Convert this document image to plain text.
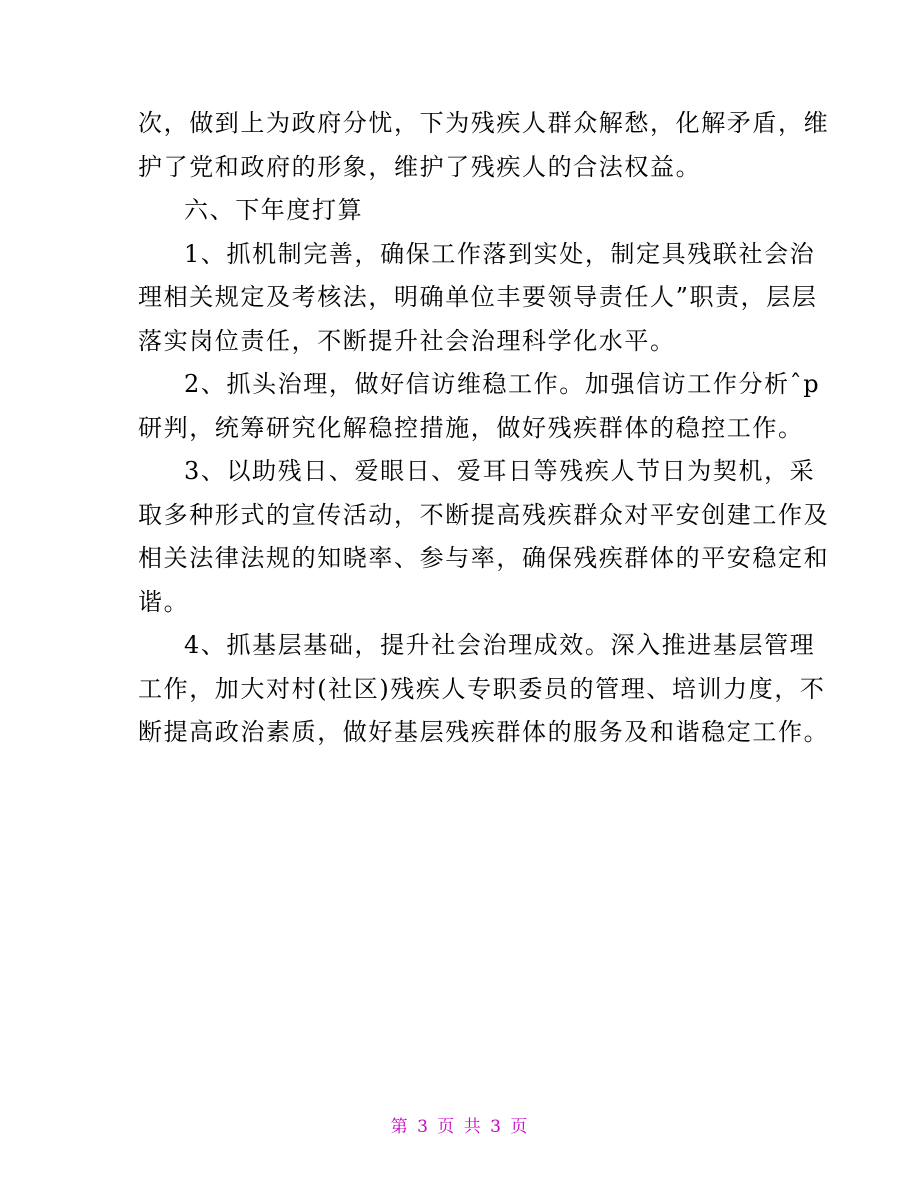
次，做到上为政府分忧，下为残疾人群众解愁，化解矛盾，维
护了党和政府的形象，维护了残疾人的合法权益。

六、下年度打算

1、抓机制完善，确保工作落到实处，制定具残联社会治
理相关规定及考核法，明确单位丰要领导责任人”职责，层层
落实岗位责任，不断提升社会治理科学化水平。

2、抓头治理，做好信访维稳工作。加强信访工作分析ˆp
研判，统筹研究化解稳控措施，做好残疾群体的稳控工作。

3、以助残日、爱眼日、爱耳日等残疾人节日为契机，采
取多种形式的宣传活动，不断提高残疾群众对平安创建工作及
相关法律法规的知晓率、参与率，确保残疾群体的平安稳定和
谐。

4、抓基层基础，提升社会治理成效。深入推进基层管理
工作，加大对村(社区)残疾人专职委员的管理、培训力度，不
断提高政治素质，做好基层残疾群体的服务及和谐稳定工作。

第 3 页 共 3 页
